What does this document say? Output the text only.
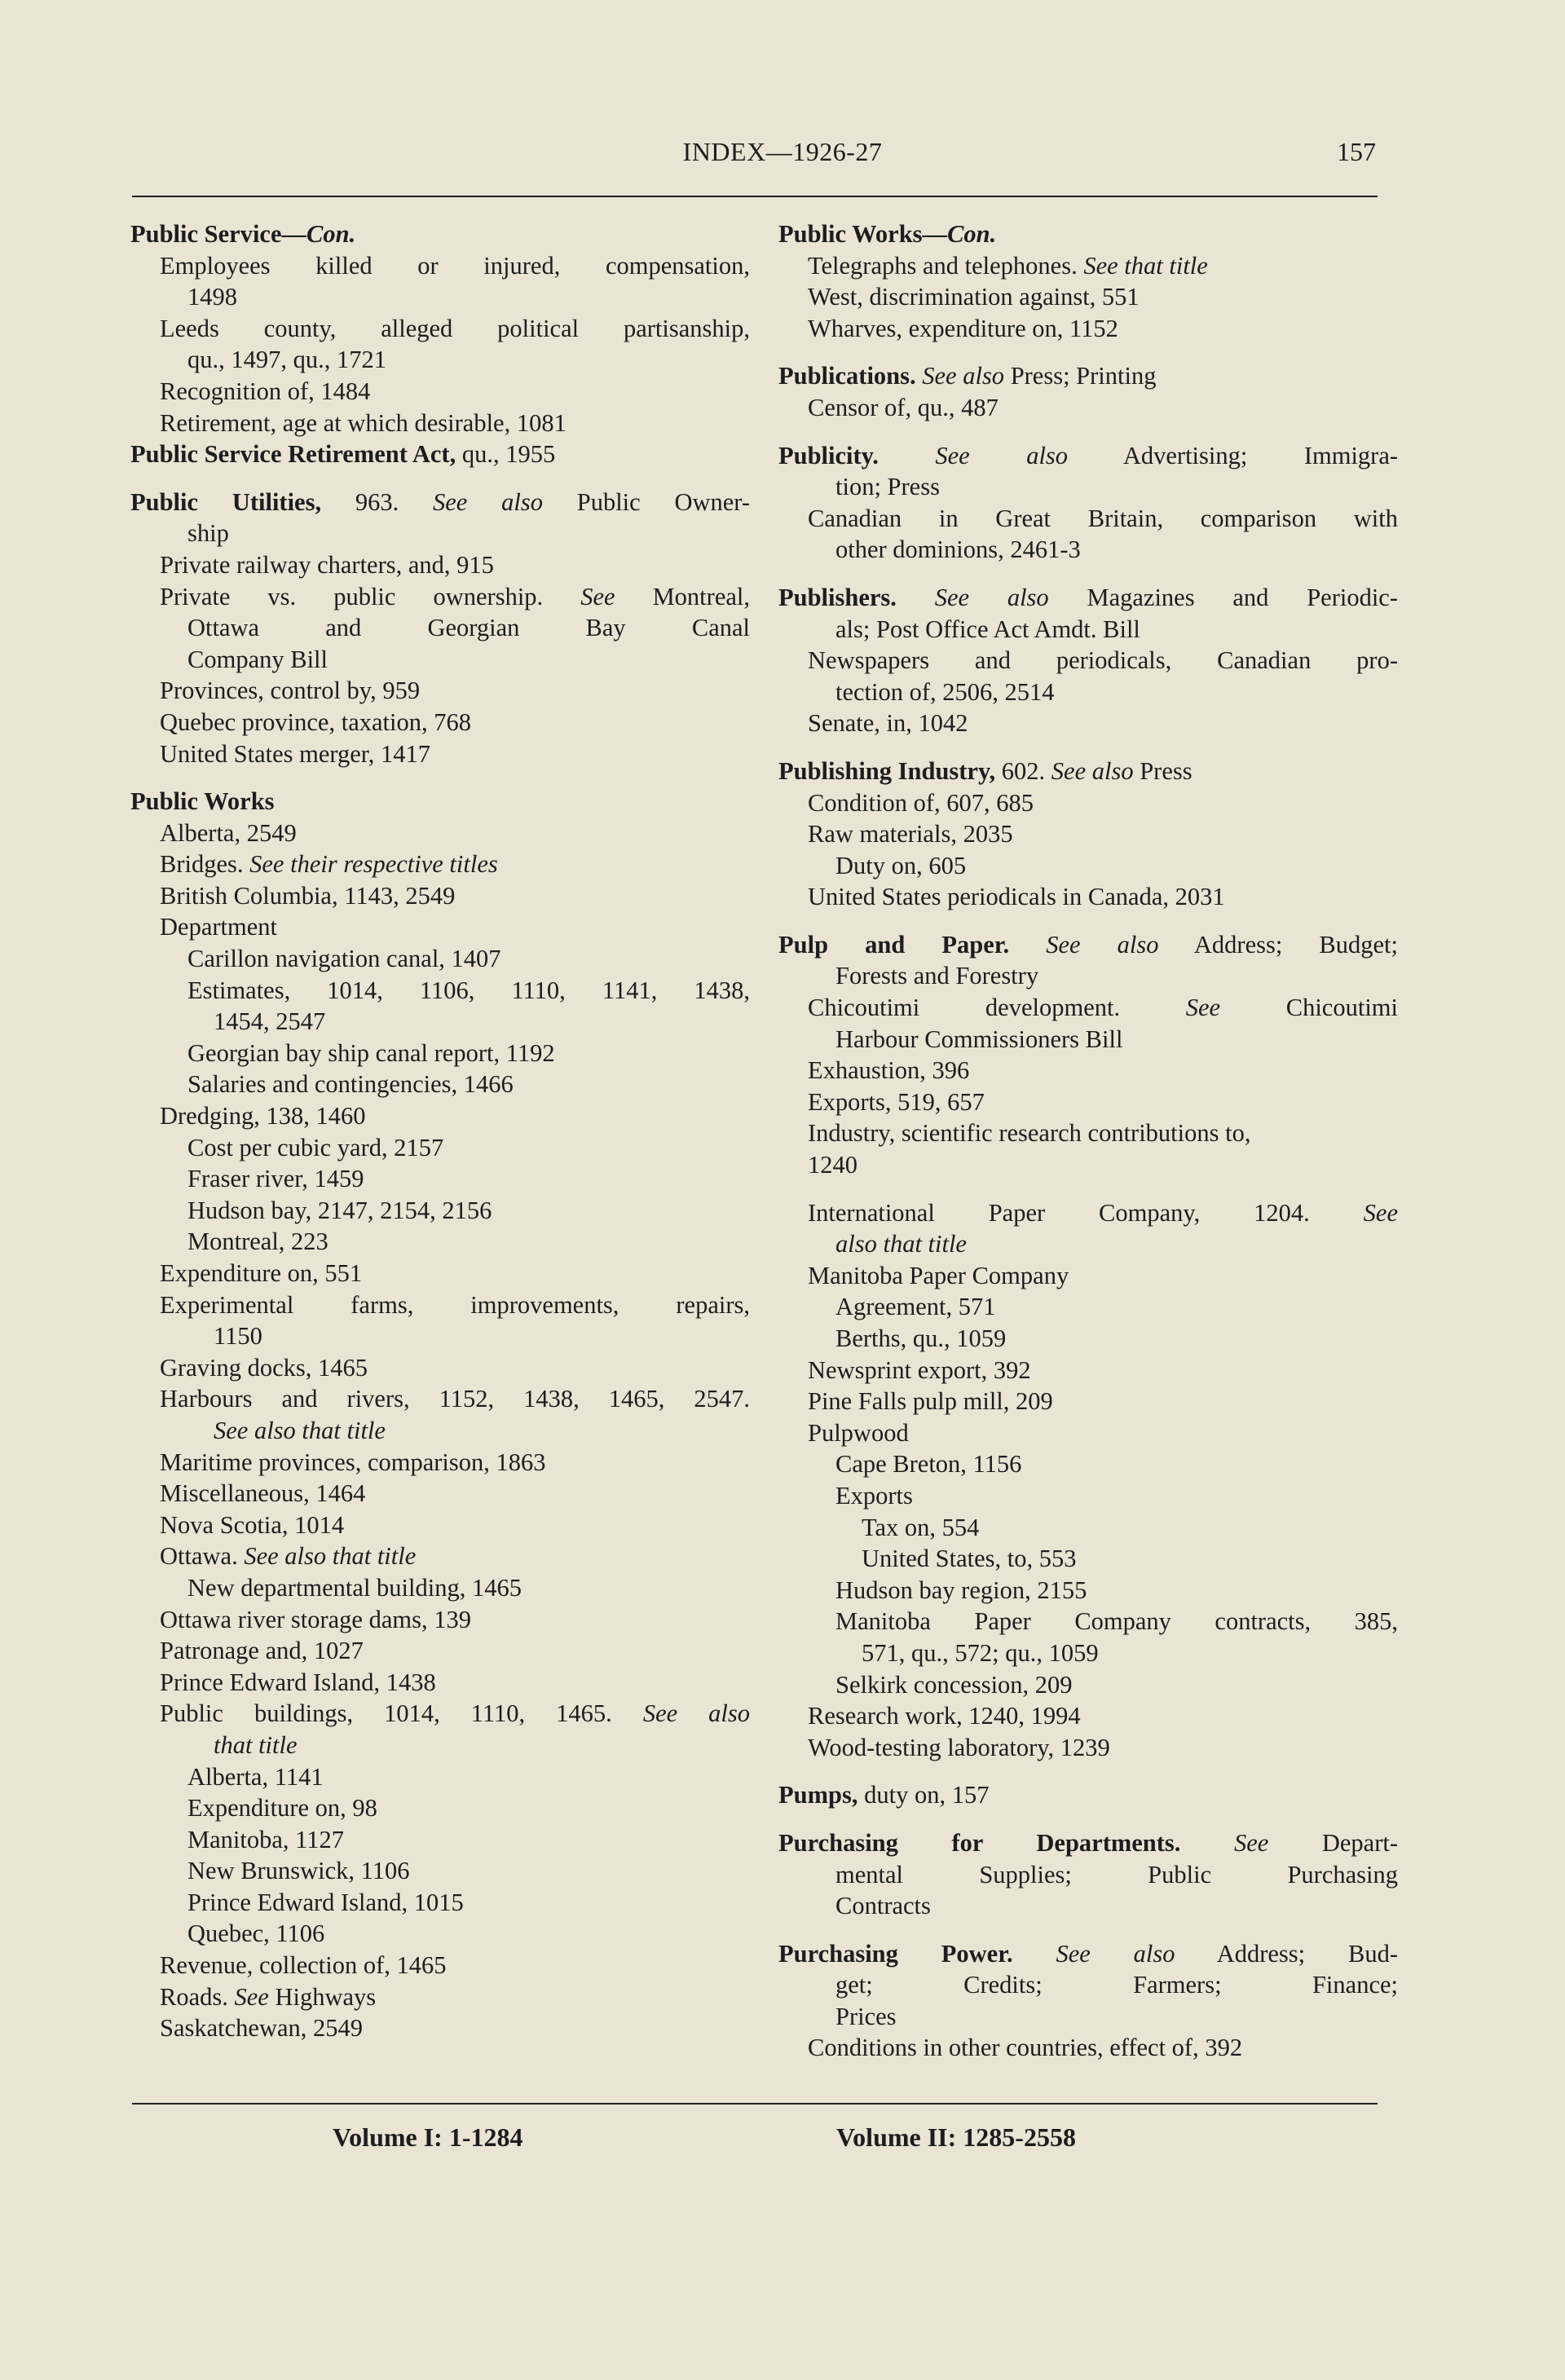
INDEX—1926-27	157
Public Service—Con.
Employees killed or injured, compensation,
1498
Leeds county, alleged political partisanship,
qu., 1497, qu., 1721
Recognition of, 1484
Retirement, age at which desirable, 1081
Public Service Retirement Act, qu., 1955
Public Utilities, 963. See also Public Owner-
ship
Private railway charters, and, 915
Private vs. public ownership. See Montreal,
Ottawa and Georgian Bay Canal
Company Bill
Provinces, control by, 959
Quebec province, taxation, 768
United States merger, 1417
Public Works
Alberta, 2549
Bridges. See their respective titles
British Columbia, 1143, 2549
Department
Carillon navigation canal, 1407
Estimates, 1014, 1106, 1110, 1141, 1438,
1454, 2547
Georgian bay ship canal report, 1192
Salaries and contingencies, 1466
Dredging, 138, 1460
Cost per cubic yard, 2157
Fraser river, 1459
Hudson bay, 2147, 2154, 2156
Montreal, 223
Expenditure on, 551
Experimental farms, improvements, repairs,
1150
Graving docks, 1465
Harbours and rivers, 1152, 1438, 1465, 2547.
See also that title
Maritime provinces, comparison, 1863
Miscellaneous, 1464
Nova Scotia, 1014
Ottawa. See also that title
New departmental building, 1465
Ottawa river storage dams, 139
Patronage and, 1027
Prince Edward Island, 1438
Public buildings, 1014, 1110, 1465. See also
that title
Alberta, 1141
Expenditure on, 98
Manitoba, 1127
New Brunswick, 1106
Prince Edward Island, 1015
Quebec, 1106
Revenue, collection of, 1465
Roads. See Highways
Saskatchewan, 2549
Public Works—Con.
Telegraphs and telephones. See that title
West, discrimination against, 551
Wharves, expenditure on, 1152
Publications. See also Press; Printing
Censor of, qu., 487
Publicity. See also Advertising; Immigra-
tion; Press
Canadian in Great Britain, comparison with
other dominions, 2461-3
Publishers. See also Magazines and Periodic-
als; Post Office Act Amdt. Bill
Newspapers and periodicals, Canadian pro-
tection of, 2506, 2514
Senate, in, 1042
Publishing Industry, 602. See also Press
Condition of, 607, 685
Raw materials, 2035
Duty on, 605
United States periodicals in Canada, 2031
Pulp and Paper. See also Address; Budget;
Forests and Forestry
Chicoutimi development. See Chicoutimi
Harbour Commissioners Bill
Exhaustion, 396
Exports, 519, 657
Industry, scientific research contributions to,
1240
International Paper Company, 1204. See
also that title
Manitoba Paper Company
Agreement, 571
Berths, qu., 1059
Newsprint export, 392
Pine Falls pulp mill, 209
Pulpwood
Cape Breton, 1156
Exports
Tax on, 554
United States, to, 553
Hudson bay region, 2155
Manitoba Paper Company contracts, 385,
571, qu., 572; qu., 1059
Selkirk concession, 209
Research work, 1240, 1994
Wood-testing laboratory, 1239
Pumps, duty on, 157
Purchasing for Departments. See Depart-
mental Supplies; Public Purchasing
Contracts
Purchasing Power. See also Address; Bud-
get; Credits; Farmers; Finance;
Prices
Conditions in other countries, effect of, 392
Volume I: 1-1284	Volume II: 1285-2558
